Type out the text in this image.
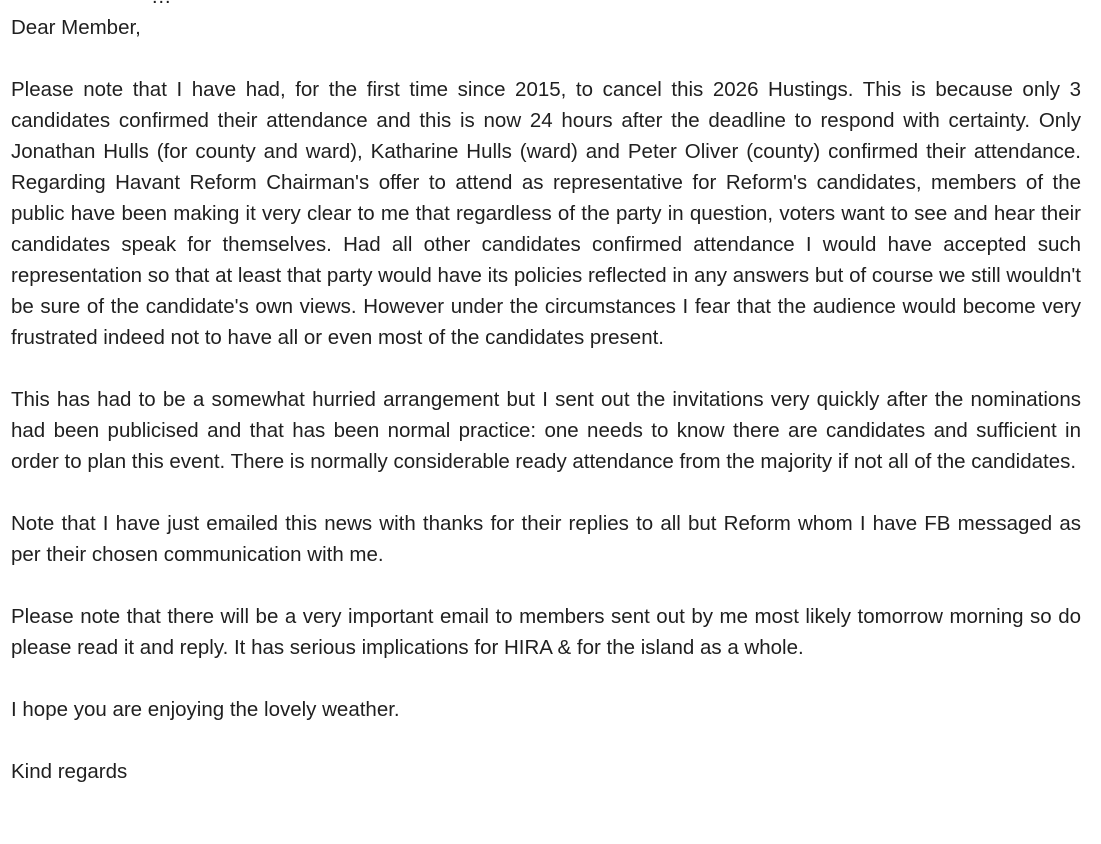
Dear Member,

Please note that I have had, for the first time since 2015, to cancel this 2026 Hustings. This is because only 3 candidates confirmed their attendance and this is now 24 hours after the deadline to respond with certainty. Only Jonathan Hulls (for county and ward), Katharine Hulls (ward) and Peter Oliver (county) confirmed their attendance. Regarding Havant Reform Chairman's offer to attend as representative for Reform's candidates, members of the public have been making it very clear to me that regardless of the party in question, voters want to see and hear their candidates speak for themselves. Had all other candidates confirmed attendance I would have accepted such representation so that at least that party would have its policies reflected in any answers but of course we still wouldn't be sure of the candidate's own views. However under the circumstances I fear that the audience would become very frustrated indeed not to have all or even most of the candidates present.

This has had to be a somewhat hurried arrangement but I sent out the invitations very quickly after the nominations had been publicised and that has been normal practice: one needs to know there are candidates and sufficient in order to plan this event. There is normally considerable ready attendance from the majority if not all of the candidates.

Note that I have just emailed this news with thanks for their replies to all but Reform whom I have FB messaged as per their chosen communication with me.

Please note that there will be a very important email to members sent out by me most likely tomorrow morning so do please read it and reply. It has serious implications for HIRA & for the island as a whole.

I hope you are enjoying the lovely weather.

Kind regards
